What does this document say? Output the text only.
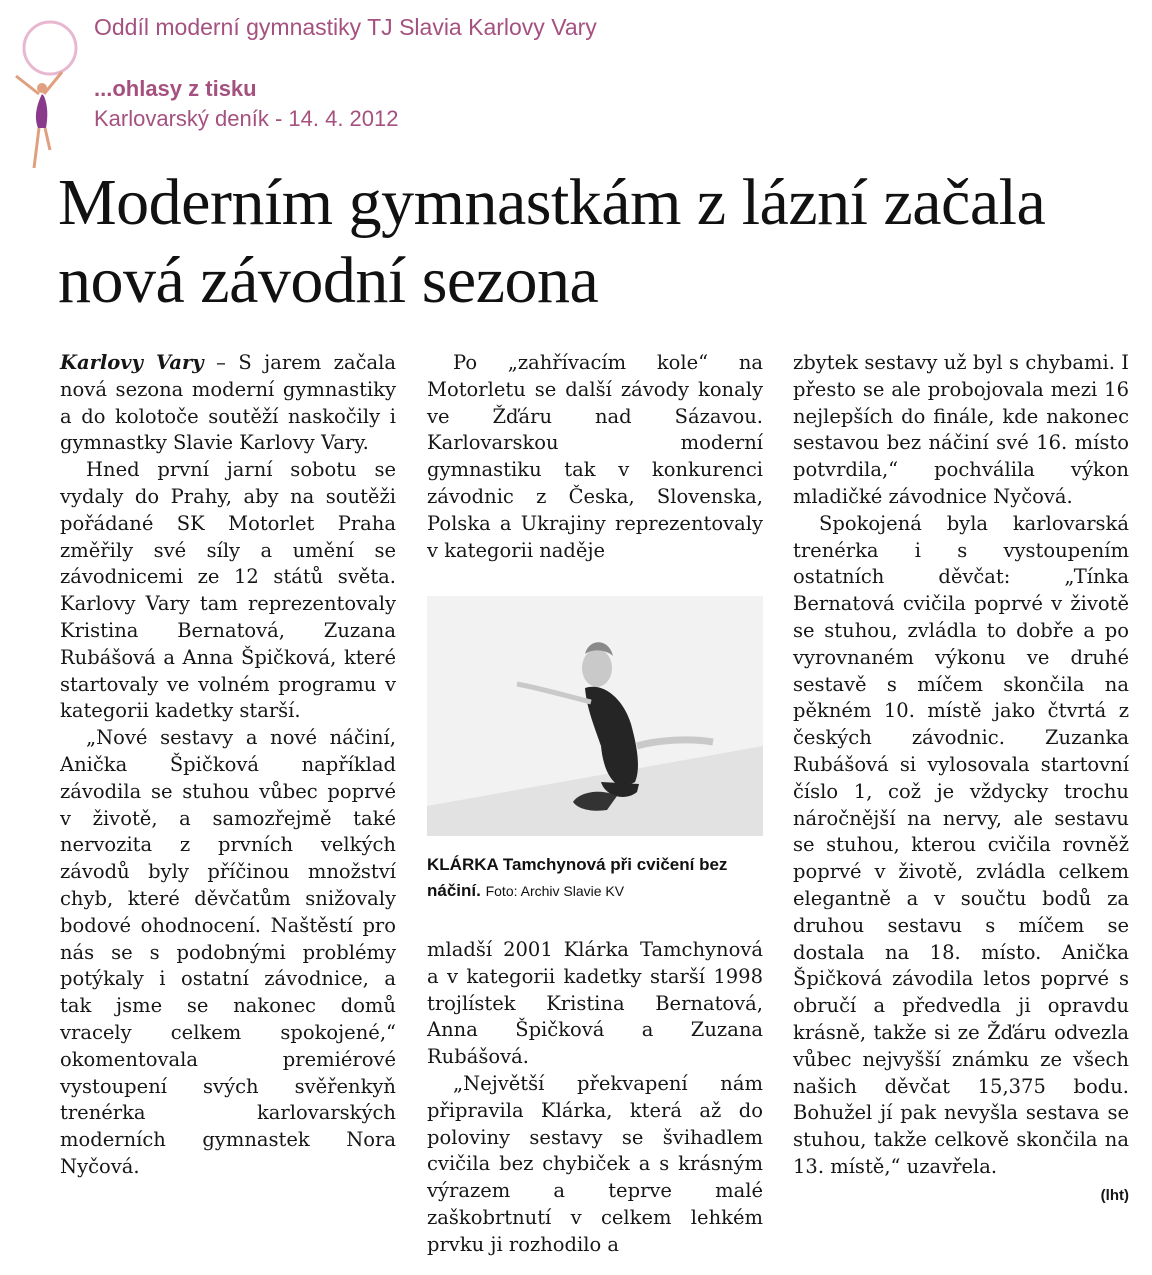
Oddíl moderní gymnastiky TJ Slavia Karlovy Vary
...ohlasy z tisku
Karlovarský deník - 14. 4. 2012
Moderním gymnastkám z lázní začala nová závodní sezona

Karlovy Vary – S jarem začala nová sezona moderní gymnastiky a do kolotoče soutěží naskočily i gymnastky Slavie Karlovy Vary.

Hned první jarní sobotu se vydaly do Prahy, aby na soutěži pořádané SK Motorlet Praha změřily své síly a umění se závodnicemi ze 12 států světa. Karlovy Vary tam reprezentovaly Kristina Bernatová, Zuzana Rubášová a Anna Špičková, které startovaly ve volném programu v kategorii kadetky starší.

„Nové sestavy a nové náčiní, Anička Špičková například závodila se stuhou vůbec poprvé v životě, a samozřejmě také nervozita z prvních velkých závodů byly příčinou množství chyb, které děvčatům snižovaly bodové ohodnocení. Naštěstí pro nás se s podobnými problémy potýkaly i ostatní závodnice, a tak jsme se nakonec domů vracely celkem spokojené,“ okomentovala premiérové vystoupení svých svěřenkyň trenérka karlovarských moderních gymnastek Nora Nyčová.

Po „zahřívacím kole“ na Motorletu se další závody konaly ve Žďáru nad Sázavou. Karlovarskou moderní gymnastiku tak v konkurenci závodnic z Česka, Slovenska, Polska a Ukrajiny reprezentovaly v kategorii naděje

KLÁRKA Tamchynová při cvičení bez náčiní. Foto: Archiv Slavie KV

mladší 2001 Klárka Tamchynová a v kategorii kadetky starší 1998 trojlístek Kristina Bernatová, Anna Špičková a Zuzana Rubášová.

„Největší překvapení nám připravila Klárka, která až do poloviny sestavy se švihadlem cvičila bez chybiček a s krásným výrazem a teprve malé zaškobrtnutí v celkem lehkém prvku ji rozhodilo a

zbytek sestavy už byl s chybami. I přesto se ale probojovala mezi 16 nejlepších do finále, kde nakonec sestavou bez náčiní své 16. místo potvrdila,“ pochválila výkon mladičké závodnice Nyčová.

Spokojená byla karlovarská trenérka i s vystoupením ostatních děvčat: „Tínka Bernatová cvičila poprvé v životě se stuhou, zvládla to dobře a po vyrovnaném výkonu ve druhé sestavě s míčem skončila na pěkném 10. místě jako čtvrtá z českých závodnic. Zuzanka Rubášová si vylosovala startovní číslo 1, což je vždycky trochu náročnější na nervy, ale sestavu se stuhou, kterou cvičila rovněž poprvé v životě, zvládla celkem elegantně a v součtu bodů za druhou sestavu s míčem se dostala na 18. místo. Anička Špičková závodila letos poprvé s obručí a předvedla ji opravdu krásně, takže si ze Žďáru odvezla vůbec nejvyšší známku ze všech našich děvčat 15,375 bodu. Bohužel jí pak nevyšla sestava se stuhou, takže celkově skončila na 13. místě,“ uzavřela.

(lht)
